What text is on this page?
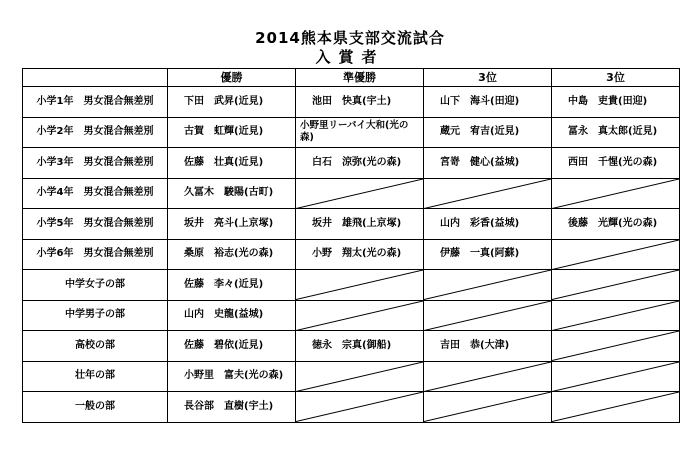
2014熊本県支部交流試合
入賞者
	優勝	準優勝	3位	3位
小学1年　男女混合無差別	下田　武昇(近見)	池田　快真(宇土)	山下　海斗(田迎)	中島　吏貴(田迎)
小学2年　男女混合無差別	古賀　虹輝(近見)	小野里リーバイ大和(光の森)	蔵元　宥吉(近見)	冨永　真太郎(近見)
小学3年　男女混合無差別	佐藤　壮真(近見)	白石　涼弥(光の森)	宮嵜　健心(益城)	西田　千惺(光の森)
小学4年　男女混合無差別	久冨木　駿陽(古町)	

小学5年　男女混合無差別	坂井　亮斗(上京塚)	坂井　雄飛(上京塚)	山内　彩香(益城)	後藤　光輝(光の森)
小学6年　男女混合無差別	桑原　裕志(光の森)	小野　翔太(光の森)	伊藤　一真(阿蘇)	

中学女子の部	佐藤　李々(近見)	

中学男子の部	山内　史龍(益城)	

高校の部	佐藤　碧依(近見)	徳永　宗真(御船)	吉田　恭(大津)	

壮年の部	小野里　富夫(光の森)	

一般の部	長谷部　直樹(宇土)	
